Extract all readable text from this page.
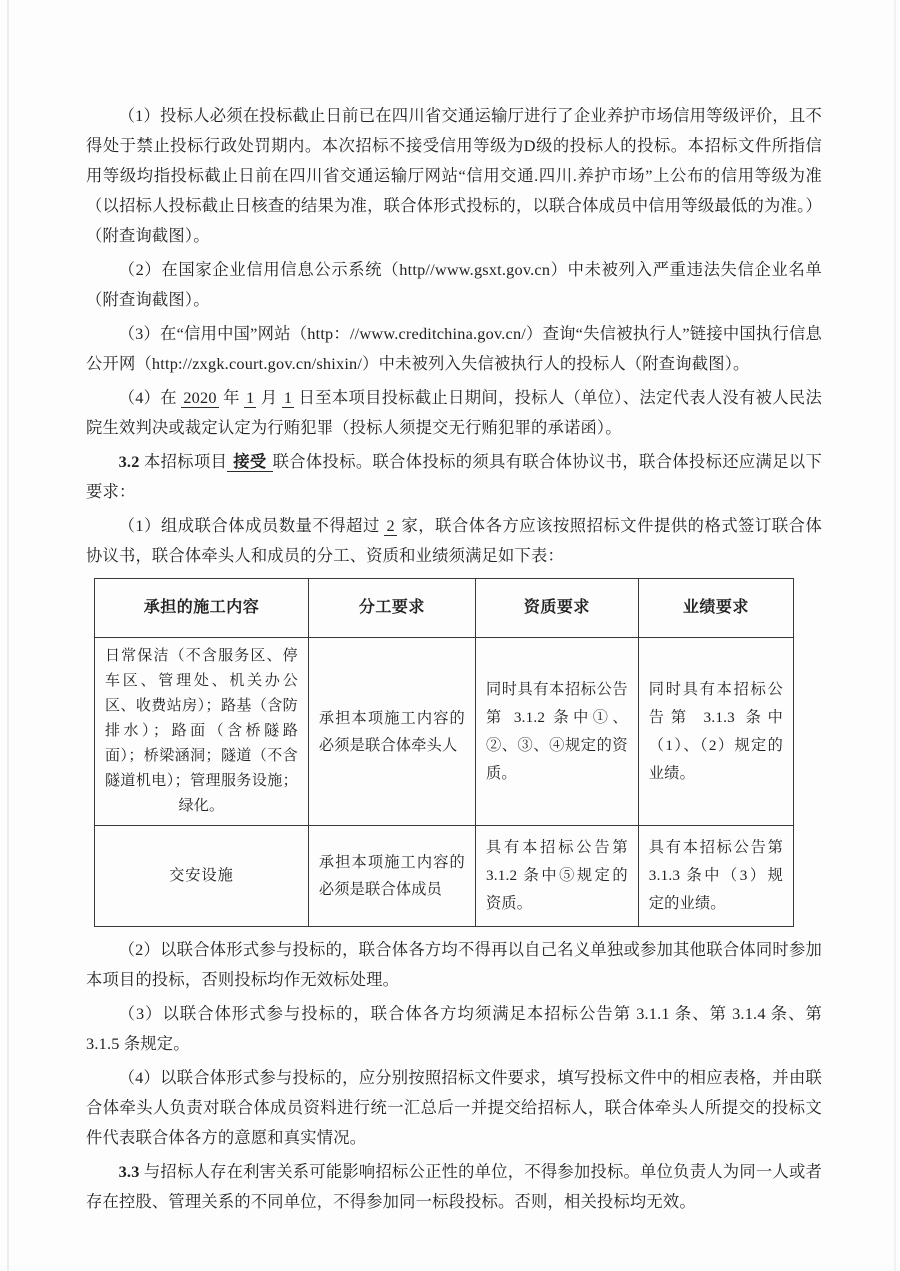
（1）投标人必须在投标截止日前已在四川省交通运输厅进行了企业养护市场信用等级评价，且不得处于禁止投标行政处罚期内。本次招标不接受信用等级为D级的投标人的投标。本招标文件所指信用等级均指投标截止日前在四川省交通运输厅网站“信用交通.四川.养护市场”上公布的信用等级为准（以招标人投标截止日核查的结果为准，联合体形式投标的，以联合体成员中信用等级最低的为准。）（附查询截图）。

（2）在国家企业信用信息公示系统（http//www.gsxt.gov.cn）中未被列入严重违法失信企业名单（附查询截图）。

（3）在“信用中国”网站（http：//www.creditchina.gov.cn/）查询“失信被执行人”链接中国执行信息公开网（http://zxgk.court.gov.cn/shixin/）中未被列入失信被执行人的投标人（附查询截图）。

（4）在 2020 年 1 月 1 日至本项目投标截止日期间，投标人（单位）、法定代表人没有被人民法院生效判决或裁定认定为行贿犯罪（投标人须提交无行贿犯罪的承诺函）。

3.2 本招标项目 接受 联合体投标。联合体投标的须具有联合体协议书，联合体投标还应满足以下要求：

（1）组成联合体成员数量不得超过 2 家，联合体各方应该按照招标文件提供的格式签订联合体协议书，联合体牵头人和成员的分工、资质和业绩须满足如下表：

承担的施工内容	分工要求	资质要求	业绩要求
日常保洁（不含服务区、停车区、管理处、机关办公区、收费站房）；路基（含防排水）；路面（含桥隧路面）；桥梁涵洞；隧道（不含隧道机电）；管理服务设施；绿化。	承担本项施工内容的必须是联合体牵头人	同时具有本招标公告第 3.1.2 条中①、②、③、④规定的资质。	同时具有本招标公告第 3.1.3 条中（1）、（2）规定的业绩。
交安设施	承担本项施工内容的必须是联合体成员	具有本招标公告第 3.1.2 条中⑤规定的资质。	具有本招标公告第 3.1.3 条中（3）规定的业绩。

（2）以联合体形式参与投标的，联合体各方均不得再以自己名义单独或参加其他联合体同时参加本项目的投标，否则投标均作无效标处理。

（3）以联合体形式参与投标的，联合体各方均须满足本招标公告第 3.1.1 条、第 3.1.4 条、第 3.1.5 条规定。

（4）以联合体形式参与投标的，应分别按照招标文件要求，填写投标文件中的相应表格，并由联合体牵头人负责对联合体成员资料进行统一汇总后一并提交给招标人，联合体牵头人所提交的投标文件代表联合体各方的意愿和真实情况。

3.3 与招标人存在利害关系可能影响招标公正性的单位，不得参加投标。单位负责人为同一人或者存在控股、管理关系的不同单位，不得参加同一标段投标。否则，相关投标均无效。
